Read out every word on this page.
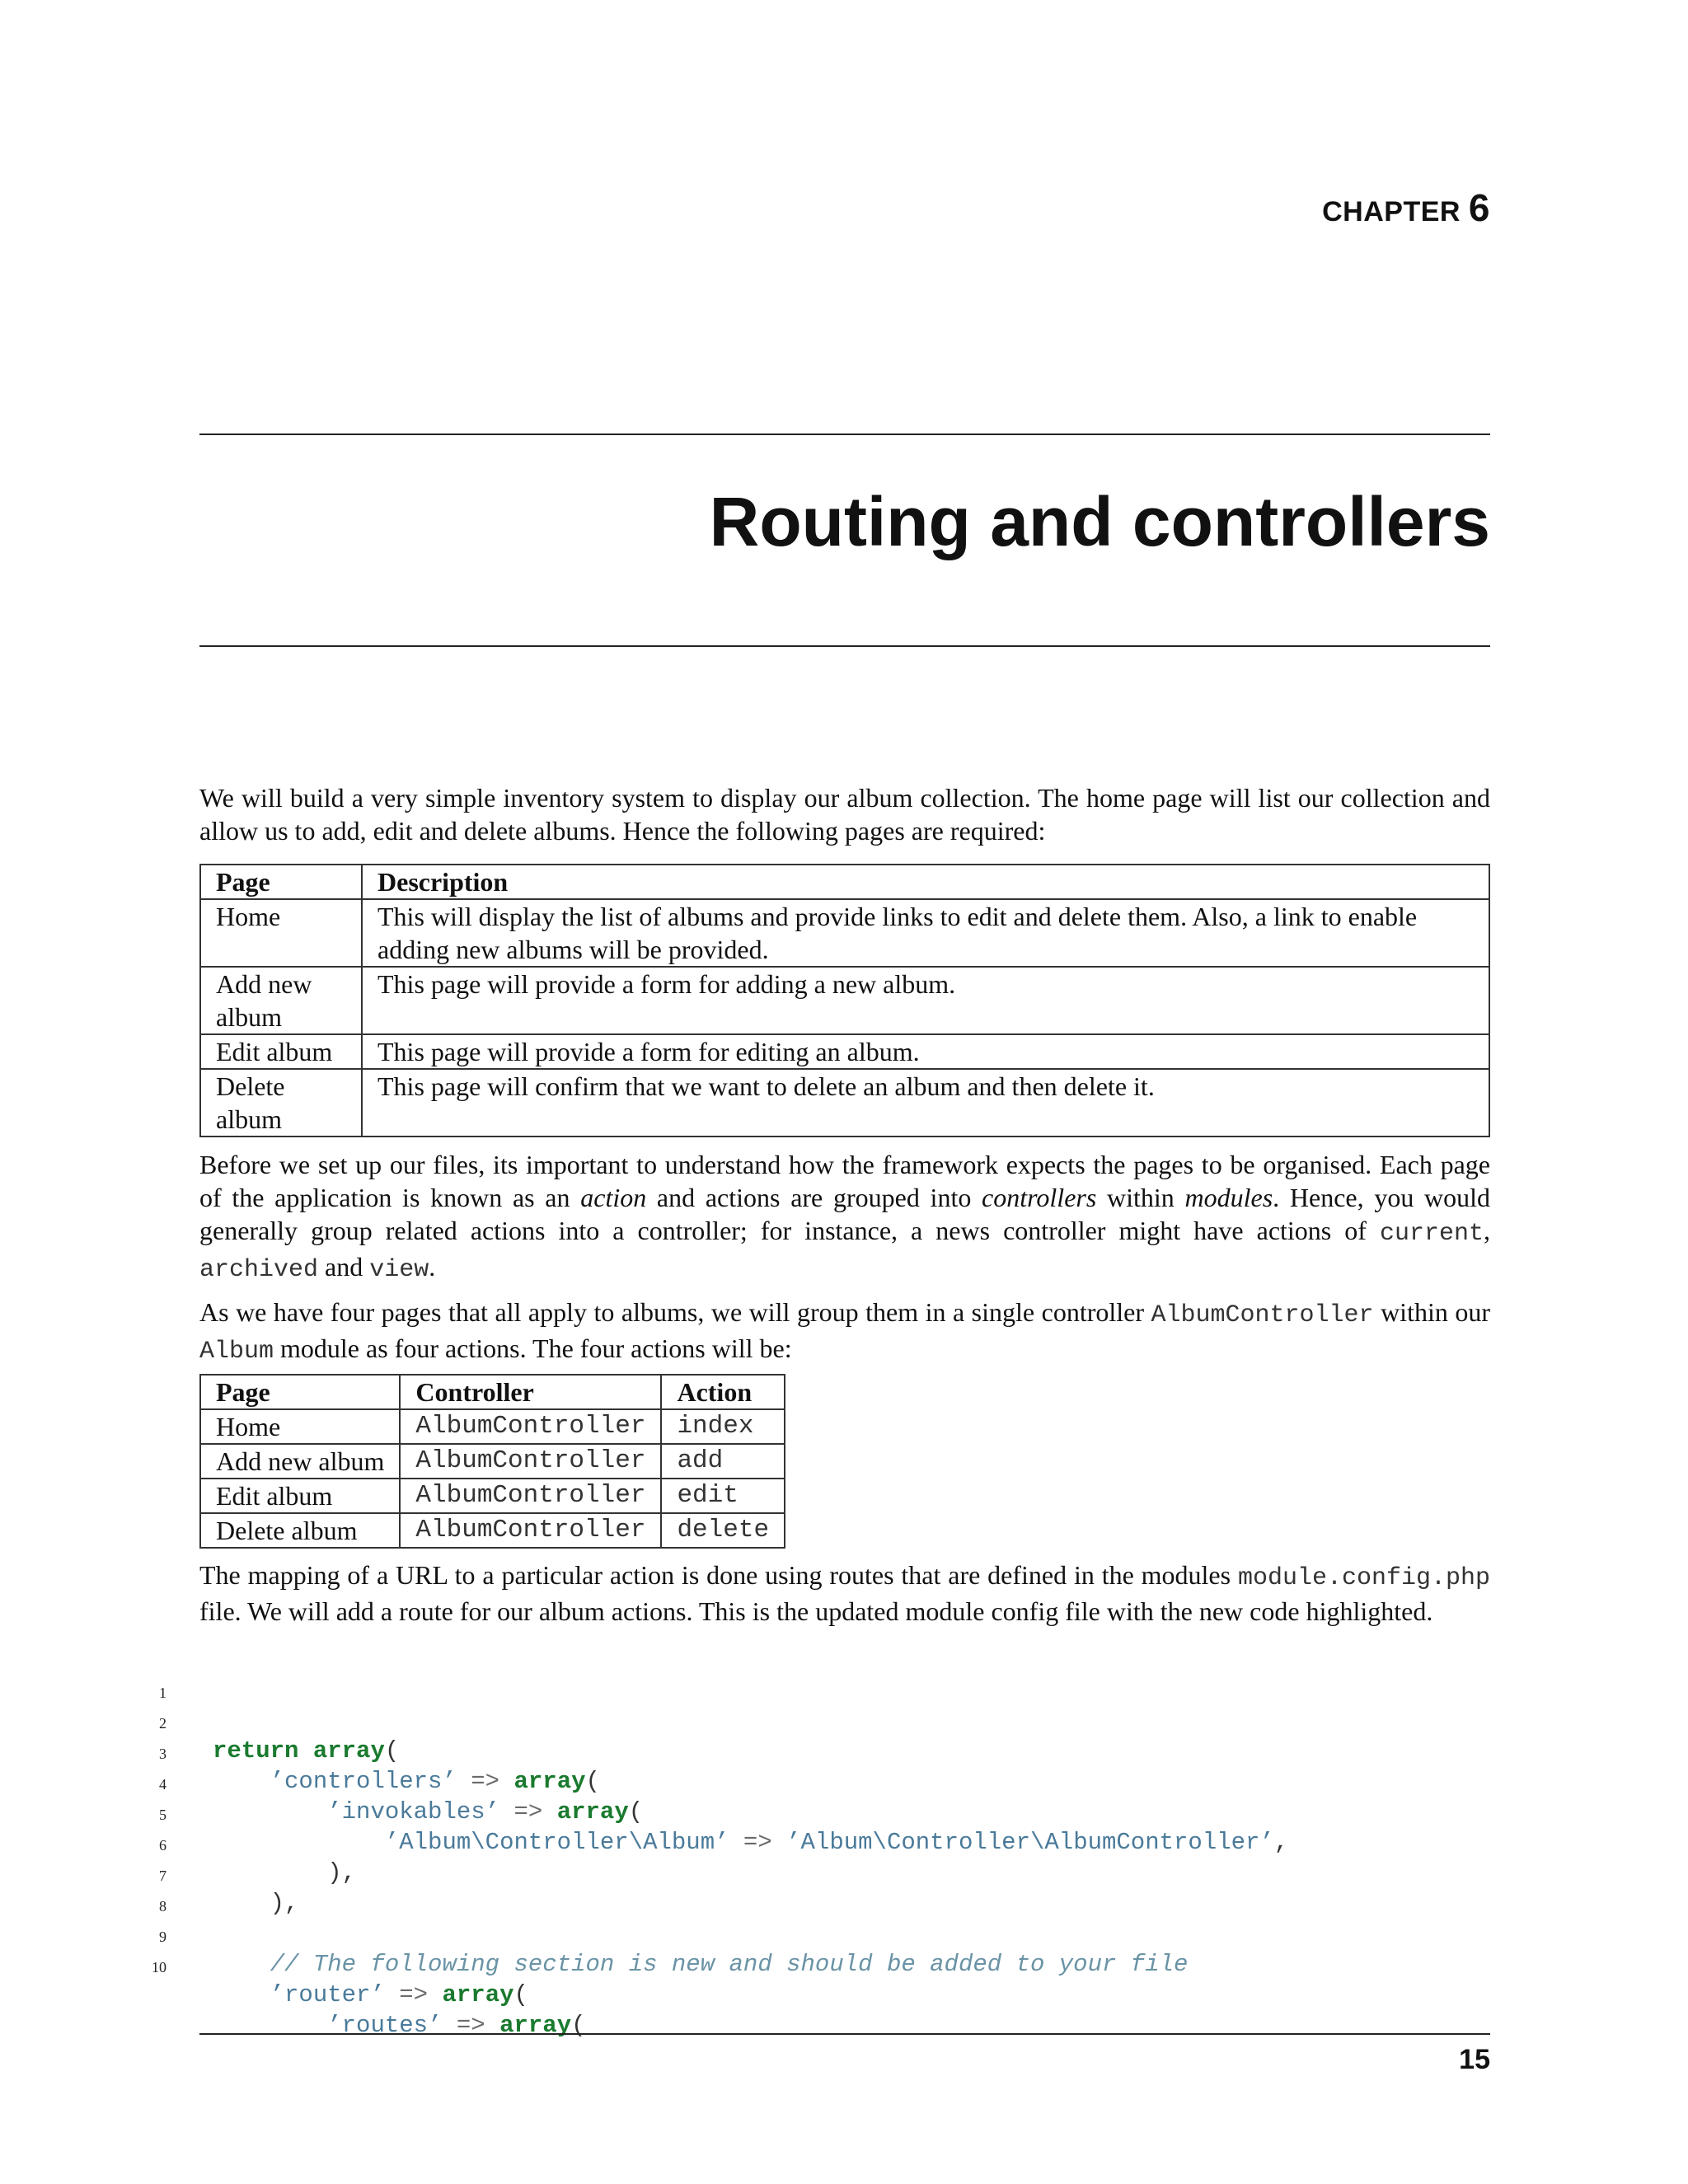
CHAPTER 6
Routing and controllers

We will build a very simple inventory system to display our album collection. The home page will list our collection and allow us to add, edit and delete albums. Hence the following pages are required:

Page	Description
Home	This will display the list of albums and provide links to edit and delete them. Also, a link to enable adding new albums will be provided.
Add new album	This page will provide a form for adding a new album.
Edit album	This page will provide a form for editing an album.
Delete album	This page will confirm that we want to delete an album and then delete it.

Before we set up our files, its important to understand how the framework expects the pages to be organised. Each page of the application is known as an action and actions are grouped into controllers within modules. Hence, you would generally group related actions into a controller; for instance, a news controller might have actions of current, archived and view.

As we have four pages that all apply to albums, we will group them in a single controller AlbumController within our Album module as four actions. The four actions will be:

Page	Controller	Action
Home	AlbumController	index
Add new album	AlbumController	add
Edit album	AlbumController	edit
Delete album	AlbumController	delete

The mapping of a URL to a particular action is done using routes that are defined in the modules module.config.php file. We will add a route for our album actions. This is the updated module config file with the new code highlighted.

1

return array(

2

’controllers’ => array(

3

’invokables’ => array(

4

’Album\Controller\Album’ => ’Album\Controller\AlbumController’,

5

),

6

),

7

8

// The following section is new and should be added to your file

9

’router’ => array(

10

’routes’ => array(

15
